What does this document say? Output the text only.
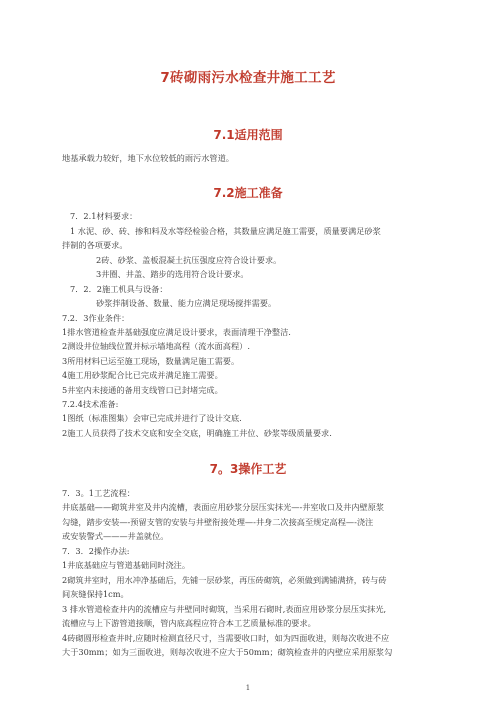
7砖砌雨污水检查井施工工艺
7.1适用范围
地基承载力较好，地下水位较低的雨污水管道。
7.2施工准备
7．2.1材料要求：
1 水泥、砂、砖、掺和料及水等经检验合格，其数量应满足施工需要，质量要满足砂浆
拌制的各项要求。
2砖、砂浆、盖板混凝土抗压强度应符合设计要求。
3井圈、井盖、踏步的选用符合设计要求。
7．2．2施工机具与设备：
砂浆拌制设备、数量、能力应满足现场搅拌需要。
7.2．3作业条件：
1排水管道检查井基础强度应满足设计要求，表面清理干净整洁.
2测设井位轴线位置并标示墙地高程（流水面高程）.
3所用材料已运至施工现场，数量满足施工需要。
4施工用砂浆配合比已完成并满足施工需要。
5井室内未接通的备用支线管口已封堵完成。
7.2.4技术准备:
1图纸（标准图集）会审已完成并进行了设计交底.
2施工人员获得了技术交底和安全交底，明确施工井位、砂浆等级质量要求.
7。3操作工艺
7．3。1工艺流程：
井底基础——砌筑井室及井内流槽，表面应用砂浆分层压实抹光—-井室收口及井内壁原浆
勾缝，踏步安装—-预留支管的安装与井壁衔接处理—-井身二次接高至规定高程—-浇注
或安装警式———井盖就位。
7．3．2操作办法:
1井底基础应与管道基础同时浇注。
2砌筑井室时，用水冲净基础后，先铺一层砂浆，再压砖砌筑，必须做到满铺满挤，砖与砖
间灰缝保持1cm。
3 排水管道检查井内的流槽应与井壁同时砌筑，当采用石砌时,表面应用砂浆分层压实抹光,
流槽应与上下游管道接顺，管内底高程应符合本工艺质量标准的要求。
4砖砌圆形检查井时,应随时检测直径尺寸，当需要收口时，如为四面收进，则每次收进不应
大于30mm；如为三面收进，则每次收进不应大于50mm；砌筑检查井的内壁应采用原浆勾
1
